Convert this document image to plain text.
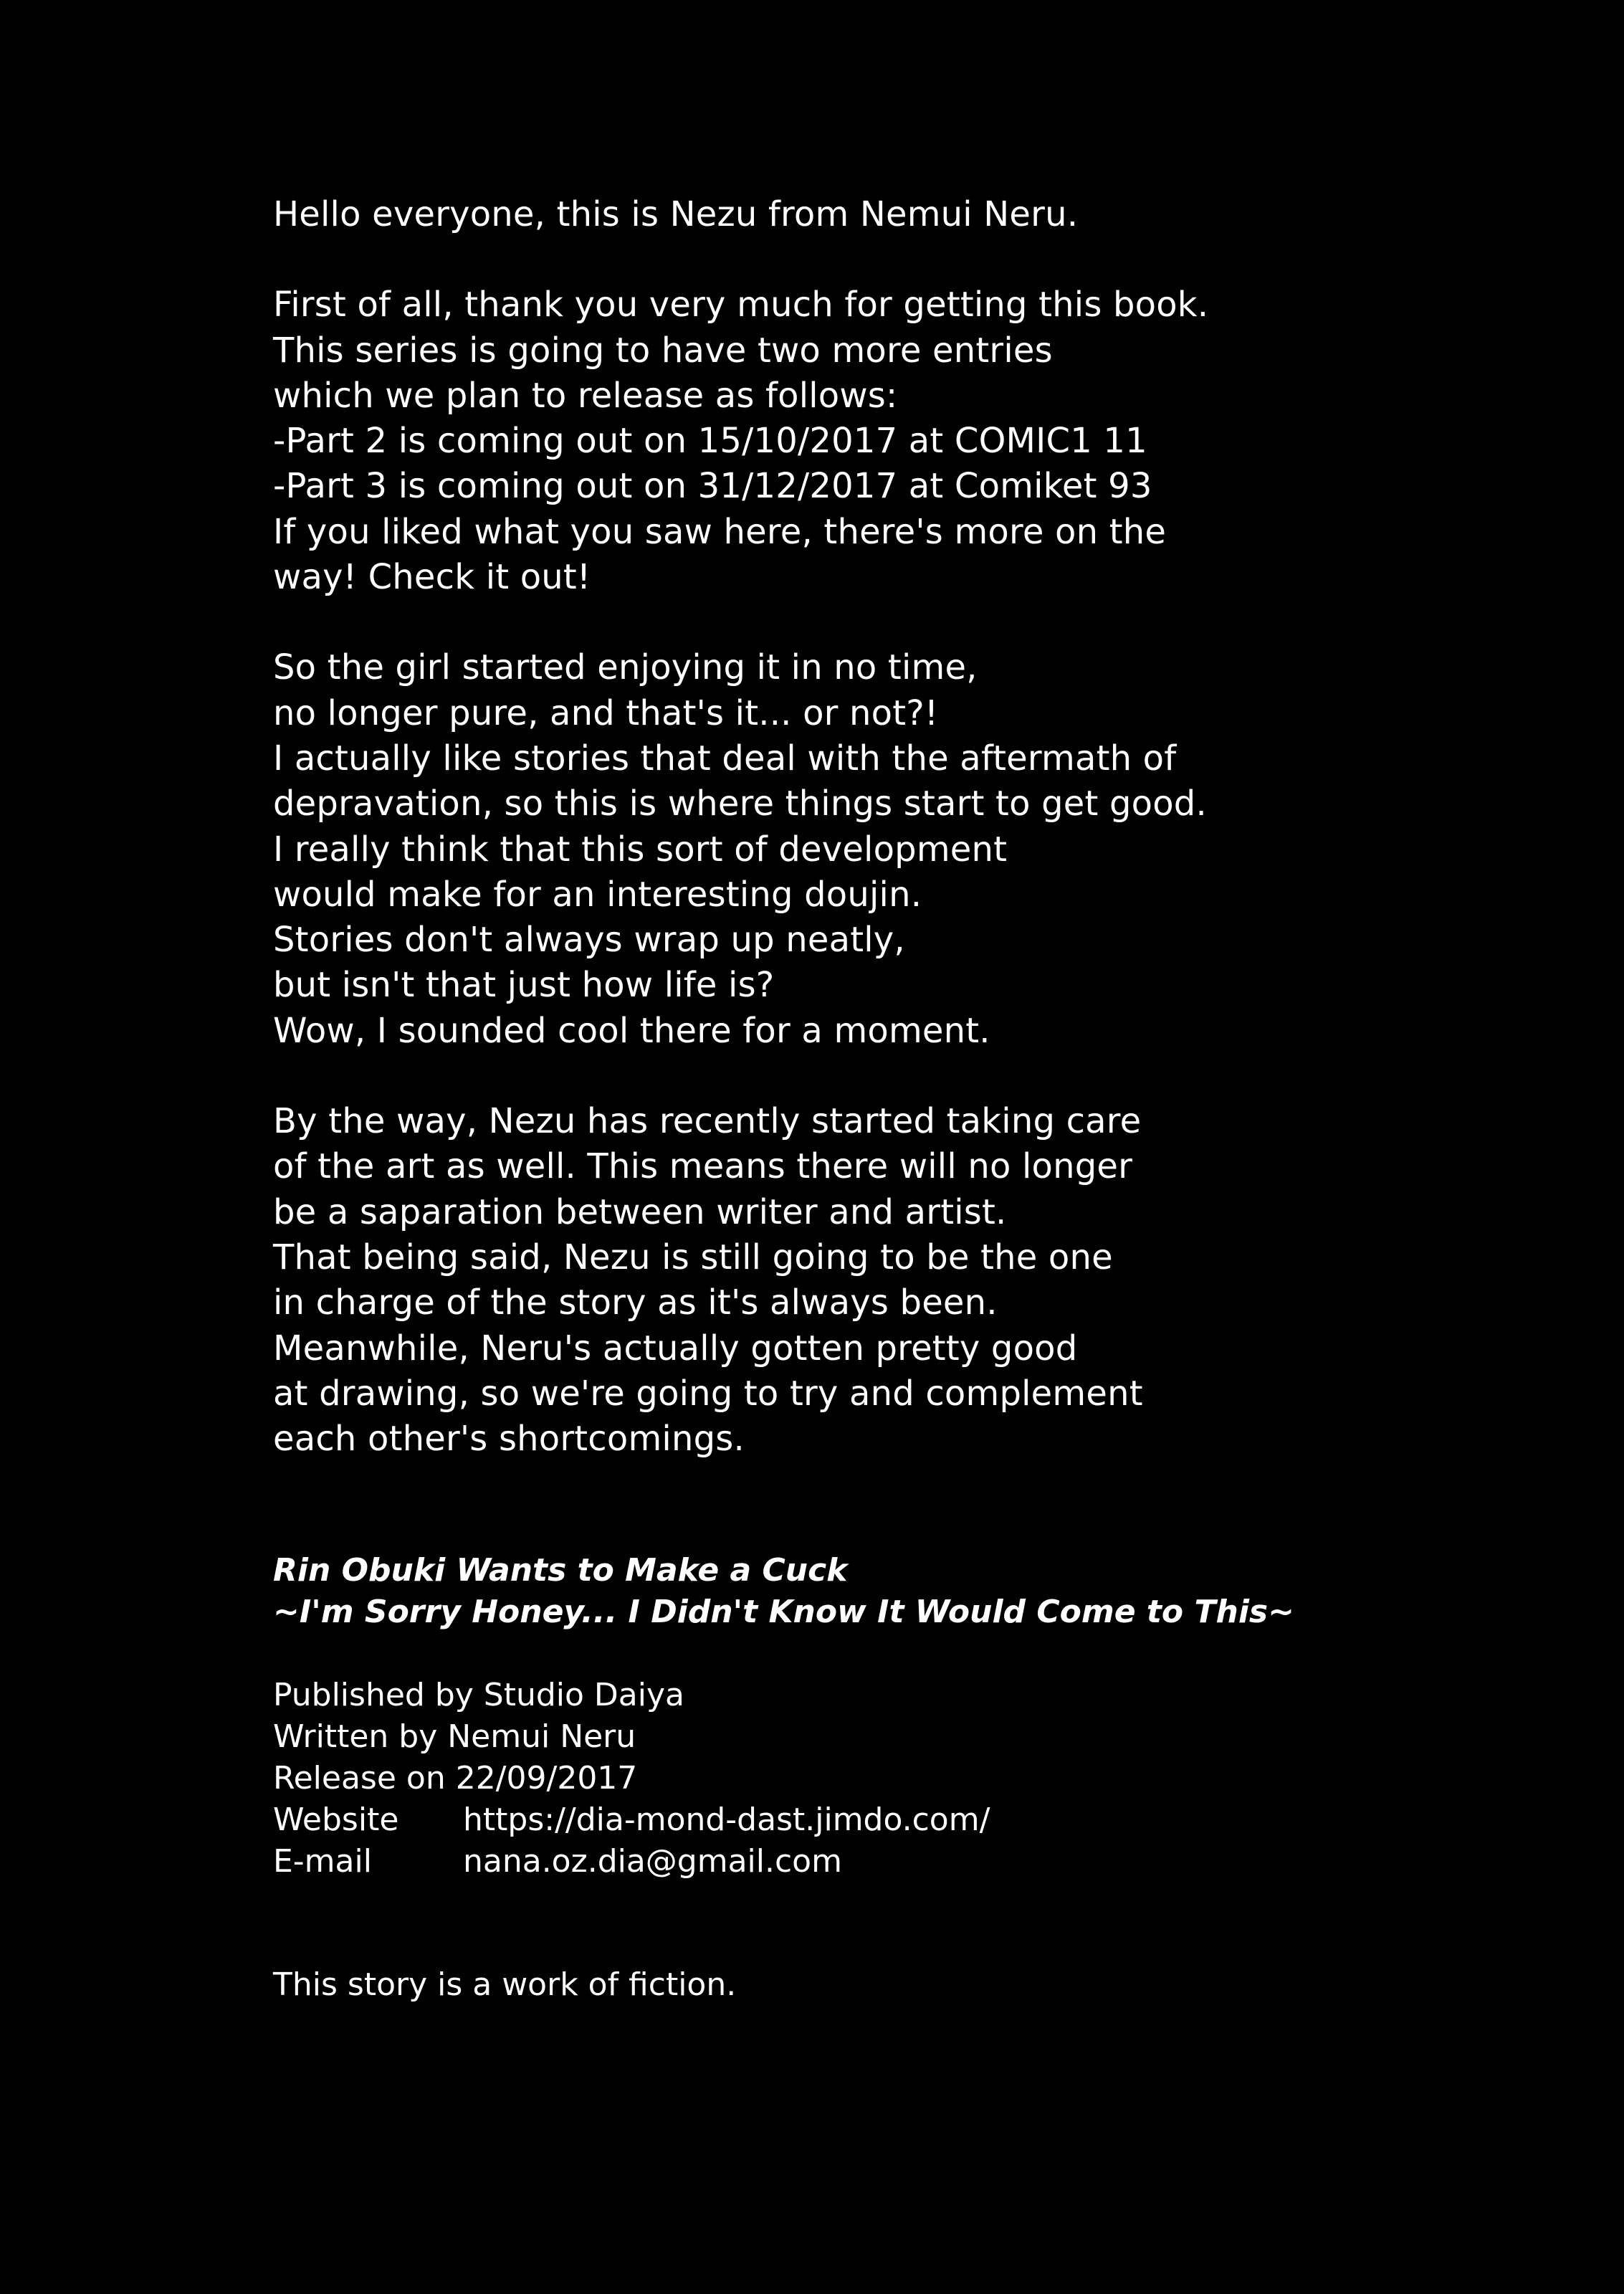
Hello everyone, this is Nezu from Nemui Neru.
First of all, thank you very much for getting this book.
This series is going to have two more entries
which we plan to release as follows:
-Part 2 is coming out on 15/10/2017 at COMIC1 11
-Part 3 is coming out on 31/12/2017 at Comiket 93
If you liked what you saw here, there's more on the
way! Check it out!
So the girl started enjoying it in no time,
no longer pure, and that's it... or not?!
I actually like stories that deal with the aftermath of
depravation, so this is where things start to get good.
I really think that this sort of development
would make for an interesting doujin.
Stories don't always wrap up neatly,
but isn't that just how life is?
Wow, I sounded cool there for a moment.
By the way, Nezu has recently started taking care
of the art as well. This means there will no longer
be a saparation between writer and artist.
That being said, Nezu is still going to be the one
in charge of the story as it's always been.
Meanwhile, Neru's actually gotten pretty good
at drawing, so we're going to try and complement
each other's shortcomings.
Rin Obuki Wants to Make a Cuck
~I'm Sorry Honey... I Didn't Know It Would Come to This~
Published by Studio Daiya
Written by Nemui Neru
Release on 22/09/2017
Website	https://dia-mond-dast.jimdo.com/
E-mail	nana.oz.dia@gmail.com
This story is a work of fiction.
